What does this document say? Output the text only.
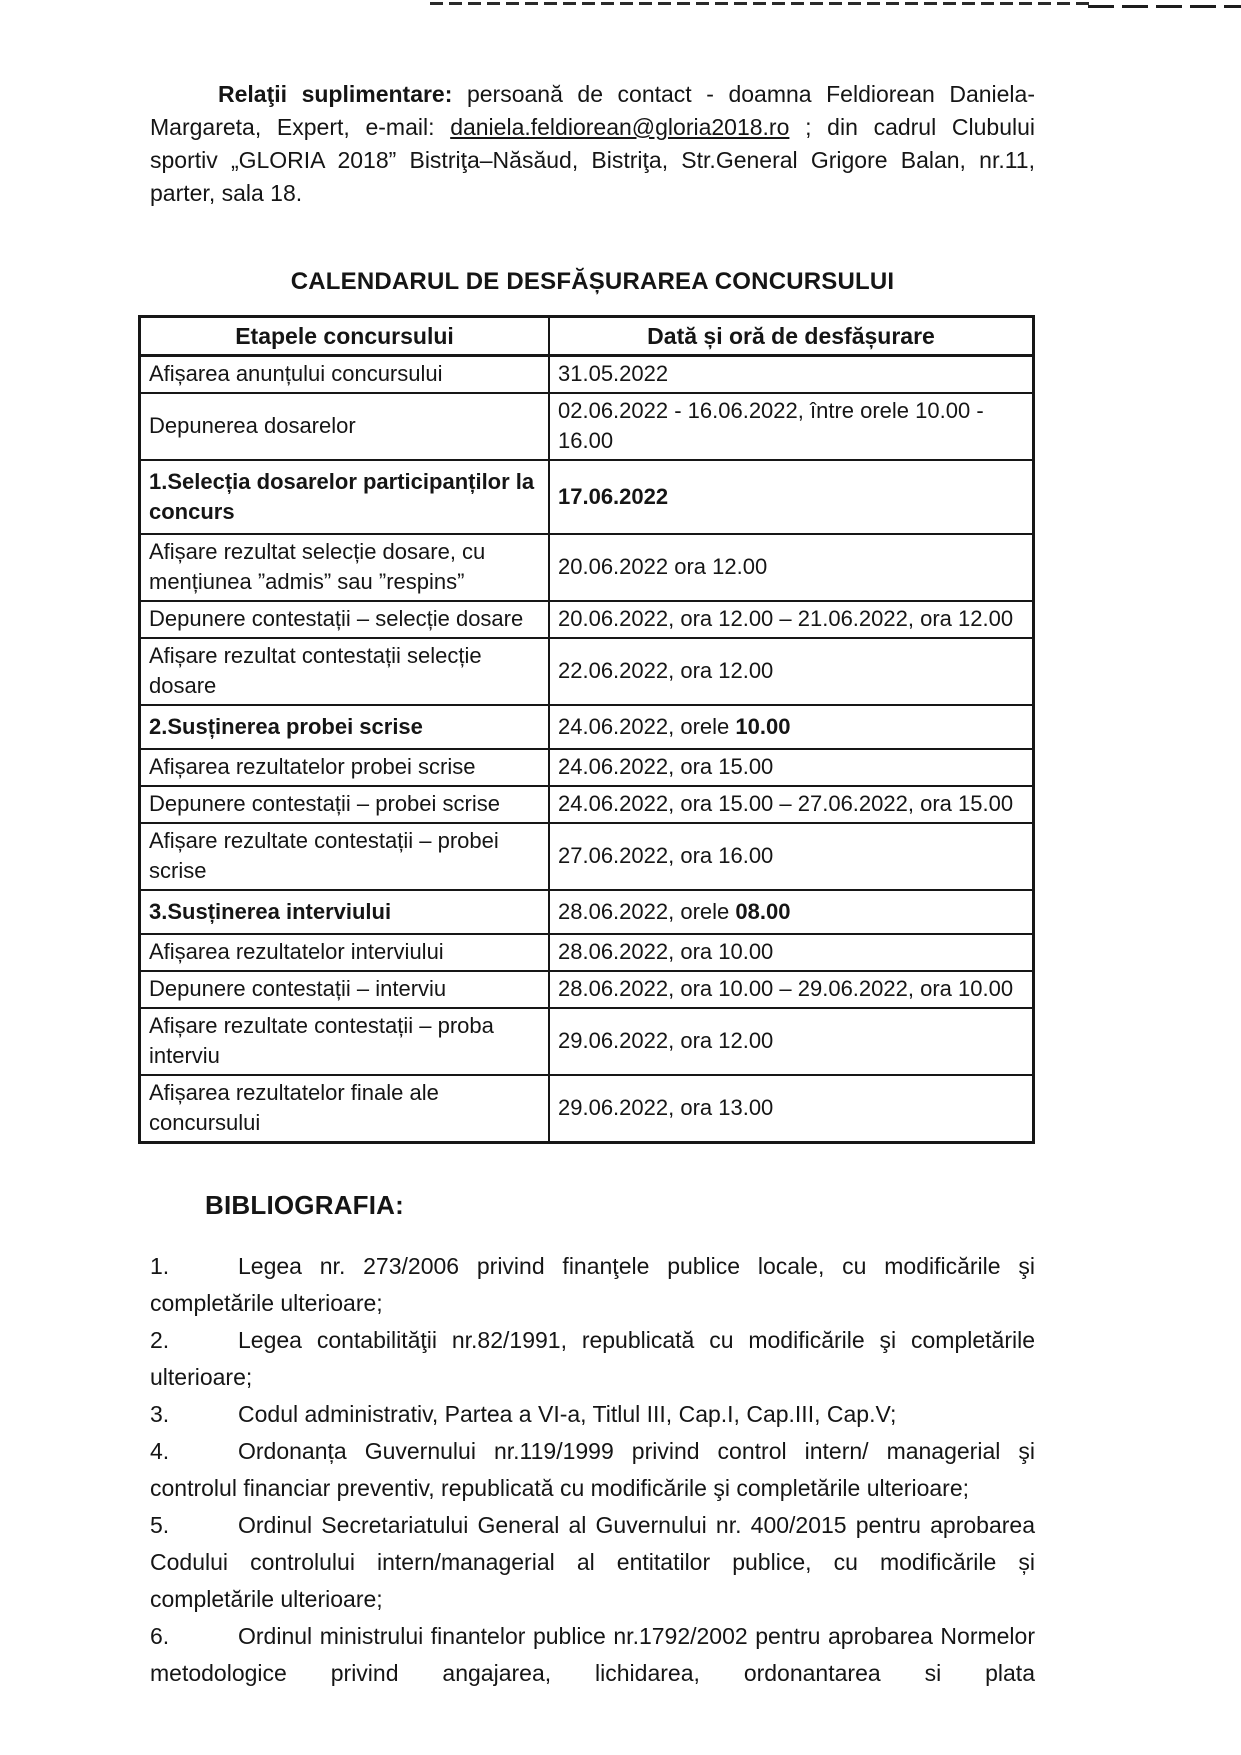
Relaţii suplimentare: persoană de contact - doamna Feldiorean Daniela-Margareta, Expert, e-mail: daniela.feldiorean@gloria2018.ro ; din cadrul Clubului sportiv „GLORIA 2018” Bistriţa–Năsăud, Bistriţa, Str.General Grigore Balan, nr.11, parter, sala 18.

CALENDARUL DE DESFĂȘURAREA CONCURSULUI
Etapele concursului	Dată și oră de desfășurare
Afișarea anunțului concursului	31.05.2022
Depunerea dosarelor	02.06.2022 - 16.06.2022, între orele 10.00 - 16.00
1.Selecția dosarelor participanților la concurs	17.06.2022
Afișare rezultat selecție dosare, cu mențiunea ”admis” sau ”respins”	20.06.2022 ora 12.00
Depunere contestații – selecție dosare	20.06.2022, ora 12.00 – 21.06.2022, ora 12.00
Afișare rezultat contestații selecție dosare	22.06.2022, ora 12.00
2.Susținerea probei scrise	24.06.2022, orele 10.00
Afișarea rezultatelor probei scrise	24.06.2022, ora 15.00
Depunere contestații – probei scrise	24.06.2022, ora 15.00 – 27.06.2022, ora 15.00
Afișare rezultate contestații – probei scrise	27.06.2022, ora 16.00
3.Susținerea interviului	28.06.2022, orele 08.00
Afișarea rezultatelor interviului	28.06.2022, ora 10.00
Depunere contestații – interviu	28.06.2022, ora 10.00 – 29.06.2022, ora 10.00
Afișare rezultate contestații – proba interviu	29.06.2022, ora 12.00
Afișarea rezultatelor finale ale concursului	29.06.2022, ora 13.00
BIBLIOGRAFIA:

1.	Legea nr. 273/2006 privind finanţele publice locale, cu modificările şi completările ulterioare;

2.	Legea contabilităţii nr.82/1991, republicată cu modificările şi completările ulterioare;

3.	Codul administrativ, Partea a VI-a, Titlul III, Cap.I, Cap.III, Cap.V;

4.	Ordonanța Guvernului nr.119/1999 privind control intern/ managerial şi controlul financiar preventiv, republicată cu modificările şi completările ulterioare;

5.	Ordinul Secretariatului General al Guvernului nr. 400/2015 pentru aprobarea Codului controlului intern/managerial al entitatilor publice, cu modificările și completările ulterioare;

6.	Ordinul ministrului finantelor publice nr.1792/2002 pentru aprobarea Normelor metodologice privind angajarea, lichidarea, ordonantarea si plata
